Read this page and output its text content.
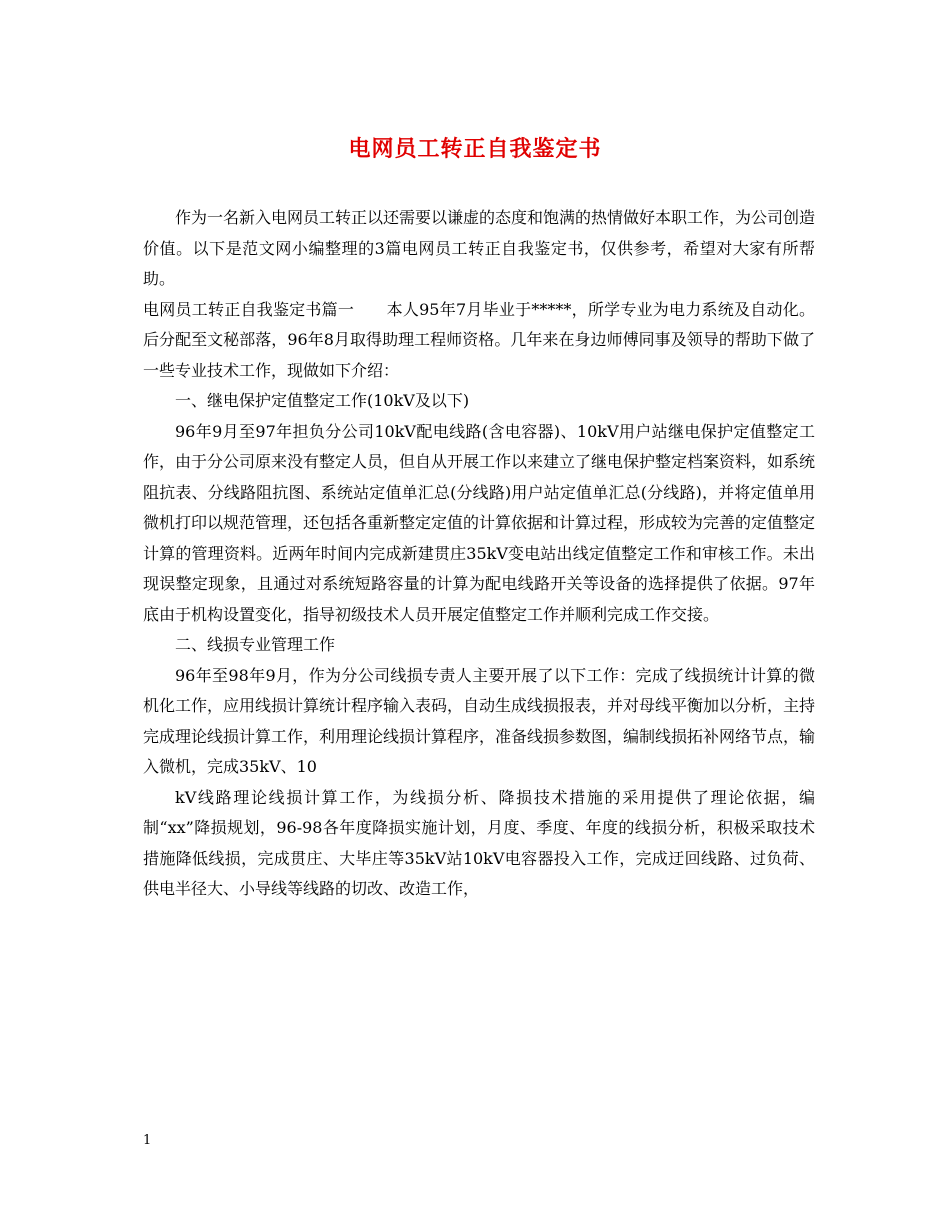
电网员工转正自我鉴定书

作为一名新入电网员工转正以还需要以谦虚的态度和饱满的热情做好本职工作，为公司创造价值。以下是范文网小编整理的3篇电网员工转正自我鉴定书，仅供参考，希望对大家有所帮助。

电网员工转正自我鉴定书篇一　　本人95年7月毕业于*****，所学专业为电力系统及自动化。后分配至文秘部落，96年8月取得助理工程师资格。几年来在身边师傅同事及领导的帮助下做了一些专业技术工作，现做如下介绍：

一、继电保护定值整定工作(10kV及以下)

96年9月至97年担负分公司10kV配电线路(含电容器)、10kV用户站继电保护定值整定工作，由于分公司原来没有整定人员，但自从开展工作以来建立了继电保护整定档案资料，如系统阻抗表、分线路阻抗图、系统站定值单汇总(分线路)用户站定值单汇总(分线路)，并将定值单用微机打印以规范管理，还包括各重新整定定值的计算依据和计算过程，形成较为完善的定值整定计算的管理资料。近两年时间内完成新建贯庄35kV变电站出线定值整定工作和审核工作。未出现误整定现象，且通过对系统短路容量的计算为配电线路开关等设备的选择提供了依据。97年底由于机构设置变化，指导初级技术人员开展定值整定工作并顺利完成工作交接。

二、线损专业管理工作

96年至98年9月，作为分公司线损专责人主要开展了以下工作：完成了线损统计计算的微机化工作，应用线损计算统计程序输入表码，自动生成线损报表，并对母线平衡加以分析，主持完成理论线损计算工作，利用理论线损计算程序，准备线损参数图，编制线损拓补网络节点，输入微机，完成35kV、10

kV线路理论线损计算工作，为线损分析、降损技术措施的采用提供了理论依据，编制“xx”降损规划，96-98各年度降损实施计划，月度、季度、年度的线损分析，积极采取技术措施降低线损，完成贯庄、大毕庄等35kV站10kV电容器投入工作，完成迂回线路、过负荷、供电半径大、小导线等线路的切改、改造工作，

1
